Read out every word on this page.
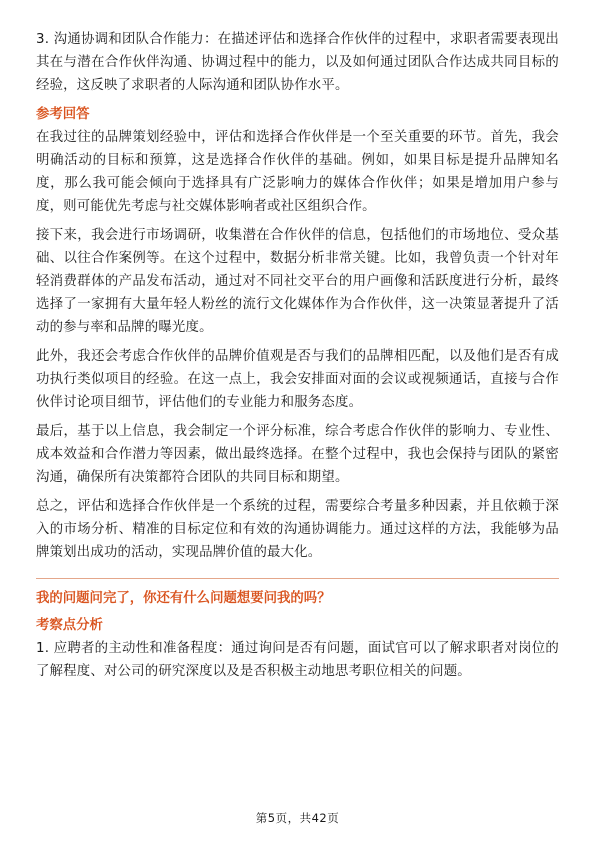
3. 沟通协调和团队合作能力：在描述评估和选择合作伙伴的过程中，求职者需要表现出其在与潜在合作伙伴沟通、协调过程中的能力，以及如何通过团队合作达成共同目标的经验，这反映了求职者的人际沟通和团队协作水平。

参考回答

在我过往的品牌策划经验中，评估和选择合作伙伴是一个至关重要的环节。首先，我会明确活动的目标和预算，这是选择合作伙伴的基础。例如，如果目标是提升品牌知名度，那么我可能会倾向于选择具有广泛影响力的媒体合作伙伴；如果是增加用户参与度，则可能优先考虑与社交媒体影响者或社区组织合作。

接下来，我会进行市场调研，收集潜在合作伙伴的信息，包括他们的市场地位、受众基础、以往合作案例等。在这个过程中，数据分析非常关键。比如，我曾负责一个针对年轻消费群体的产品发布活动，通过对不同社交平台的用户画像和活跃度进行分析，最终选择了一家拥有大量年轻人粉丝的流行文化媒体作为合作伙伴，这一决策显著提升了活动的参与率和品牌的曝光度。

此外，我还会考虑合作伙伴的品牌价值观是否与我们的品牌相匹配，以及他们是否有成功执行类似项目的经验。在这一点上，我会安排面对面的会议或视频通话，直接与合作伙伴讨论项目细节，评估他们的专业能力和服务态度。

最后，基于以上信息，我会制定一个评分标准，综合考虑合作伙伴的影响力、专业性、成本效益和合作潜力等因素，做出最终选择。在整个过程中，我也会保持与团队的紧密沟通，确保所有决策都符合团队的共同目标和期望。

总之，评估和选择合作伙伴是一个系统的过程，需要综合考量多种因素，并且依赖于深入的市场分析、精准的目标定位和有效的沟通协调能力。通过这样的方法，我能够为品牌策划出成功的活动，实现品牌价值的最大化。

我的问题问完了，你还有什么问题想要问我的吗？
考察点分析

1. 应聘者的主动性和准备程度：通过询问是否有问题，面试官可以了解求职者对岗位的了解程度、对公司的研究深度以及是否积极主动地思考职位相关的问题。

第5页，共42页
